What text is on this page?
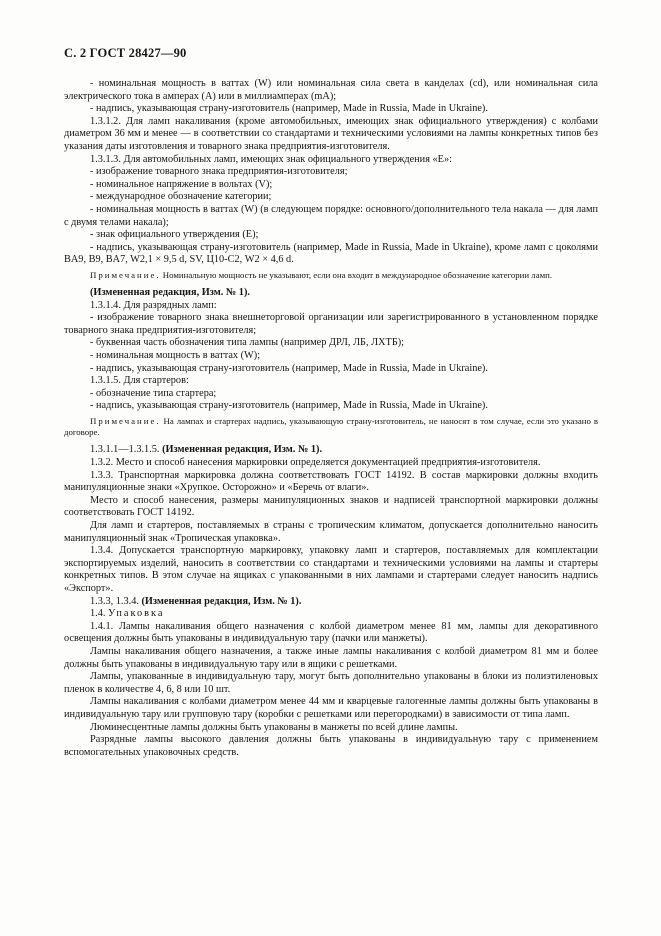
С. 2 ГОСТ 28427—90

- номинальная мощность в ваттах (W) или номинальная сила света в канделах (cd), или номинальная сила электрического тока в амперах (А) или в миллиамперах (mA);

- надпись, указывающая страну-изготовитель (например, Made in Russia, Made in Ukraine).

1.3.1.2. Для ламп накаливания (кроме автомобильных, имеющих знак официального утверждения) с колбами диаметром 36 мм и менее — в соответствии со стандартами и техническими условиями на лампы конкретных типов без указания даты изготовления и товарного знака предприятия-изготовителя.

1.3.1.3. Для автомобильных ламп, имеющих знак официального утверждения «Е»:

- изображение товарного знака предприятия-изготовителя;

- номинальное напряжение в вольтах (V);

- международное обозначение категории;

- номинальная мощность в ваттах (W) (в следующем порядке: основного/дополнительного тела накала — для ламп с двумя телами накала);

- знак официального утверждения (Е);

- надпись, указывающая страну-изготовитель (например, Made in Russia, Made in Ukraine), кроме ламп с цоколями BA9, B9, BA7, W2,1 × 9,5 d, SV, Ц10-С2, W2 × 4,6 d.

Примечание. Номинальную мощность не указывают, если она входит в международное обозначение категории ламп.

(Измененная редакция, Изм. № 1).

1.3.1.4. Для разрядных ламп:

- изображение товарного знака внешнеторговой организации или зарегистрированного в установленном порядке товарного знака предприятия-изготовителя;

- буквенная часть обозначения типа лампы (например ДРЛ, ЛБ, ЛХТБ);

- номинальная мощность в ваттах (W);

- надпись, указывающая страну-изготовитель (например, Made in Russia, Made in Ukraine).

1.3.1.5. Для стартеров:

- обозначение типа стартера;

- надпись, указывающая страну-изготовитель (например, Made in Russia, Made in Ukraine).

Примечание. На лампах и стартерах надпись, указывающую страну-изготовитель, не наносят в том случае, если это указано в договоре.

1.3.1.1—1.3.1.5. (Измененная редакция, Изм. № 1).

1.3.2. Место и способ нанесения маркировки определяется документацией предприятия-изготовителя.

1.3.3. Транспортная маркировка должна соответствовать ГОСТ 14192. В состав маркировки должны входить манипуляционные знаки «Хрупкое. Осторожно» и «Беречь от влаги».

Место и способ нанесения, размеры манипуляционных знаков и надписей транспортной маркировки должны соответствовать ГОСТ 14192.

Для ламп и стартеров, поставляемых в страны с тропическим климатом, допускается дополнительно наносить манипуляционный знак «Тропическая упаковка».

1.3.4. Допускается транспортную маркировку, упаковку ламп и стартеров, поставляемых для комплектации экспортируемых изделий, наносить в соответствии со стандартами и техническими условиями на лампы и стартеры конкретных типов. В этом случае на ящиках с упакованными в них лампами и стартерами следует наносить надпись «Экспорт».

1.3.3, 1.3.4. (Измененная редакция, Изм. № 1).

1.4. Упаковка

1.4.1. Лампы накаливания общего назначения с колбой диаметром менее 81 мм, лампы для декоративного освещения должны быть упакованы в индивидуальную тару (пачки или манжеты).

Лампы накаливания общего назначения, а также иные лампы накаливания с колбой диаметром 81 мм и более должны быть упакованы в индивидуальную тару или в ящики с решетками.

Лампы, упакованные в индивидуальную тару, могут быть дополнительно упакованы в блоки из полиэтиленовых пленок в количестве 4, 6, 8 или 10 шт.

Лампы накаливания с колбами диаметром менее 44 мм и кварцевые галогенные лампы должны быть упакованы в индивидуальную тару или групповую тару (коробки с решетками или перегородками) в зависимости от типа ламп.

Люминесцентные лампы должны быть упакованы в манжеты по всей длине лампы.

Разрядные лампы высокого давления должны быть упакованы в индивидуальную тару с применением вспомогательных упаковочных средств.
